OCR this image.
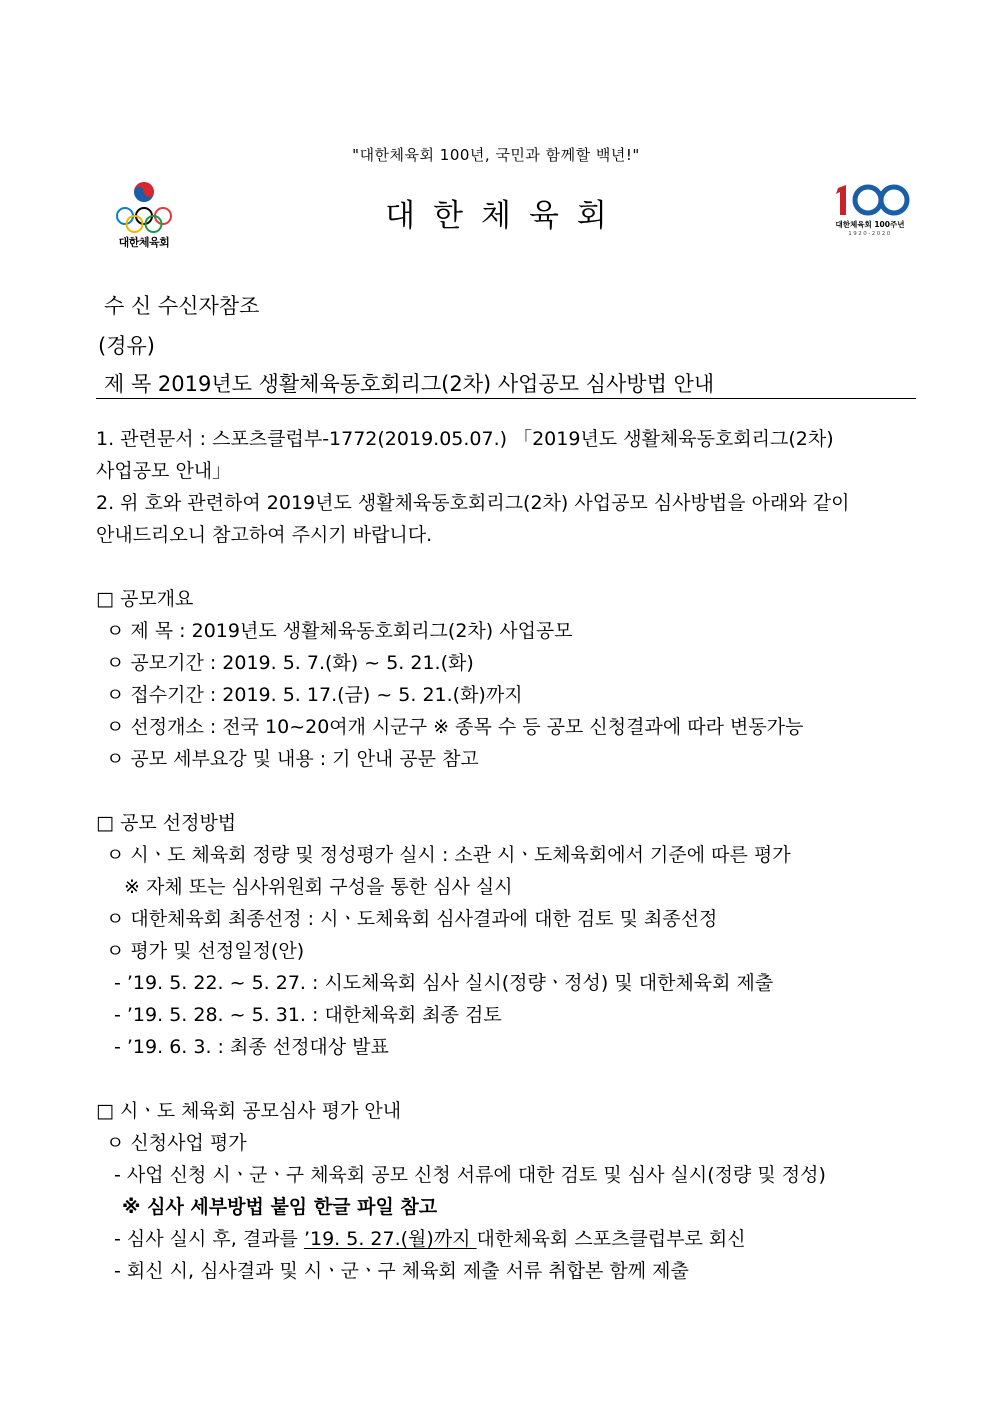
"대한체육회 100년, 국민과 함께할 백년!"
대한체육회
대한체육회	대한체육회 100주년
1920-2020
수 신 수신자참조
(경유)
제 목 2019년도 생활체육동호회리그(2차) 사업공모 심사방법 안내
1. 관련문서 : 스포츠클럽부-1772(2019.05.07.) 「2019년도 생활체육동호회리그(2차)
사업공모 안내」
2. 위 호와 관련하여 2019년도 생활체육동호회리그(2차) 사업공모 심사방법을 아래와 같이
안내드리오니 참고하여 주시기 바랍니다.
□ 공모개요
ㅇ 제 목 : 2019년도 생활체육동호회리그(2차) 사업공모
ㅇ 공모기간 : 2019. 5. 7.(화) ~ 5. 21.(화)
ㅇ 접수기간 : 2019. 5. 17.(금) ~ 5. 21.(화)까지
ㅇ 선정개소 : 전국 10~20여개 시군구 ※ 종목 수 등 공모 신청결과에 따라 변동가능
ㅇ 공모 세부요강 및 내용 : 기 안내 공문 참고
□ 공모 선정방법
ㅇ 시ㆍ도 체육회 정량 및 정성평가 실시 : 소관 시ㆍ도체육회에서 기준에 따른 평가
※ 자체 또는 심사위원회 구성을 통한 심사 실시
ㅇ 대한체육회 최종선정 : 시ㆍ도체육회 심사결과에 대한 검토 및 최종선정
ㅇ 평가 및 선정일정(안)
- ’19. 5. 22. ~ 5. 27. : 시도체육회 심사 실시(정량ㆍ정성) 및 대한체육회 제출
- ’19. 5. 28. ~ 5. 31. : 대한체육회 최종 검토
- ’19. 6. 3. : 최종 선정대상 발표
□ 시ㆍ도 체육회 공모심사 평가 안내
ㅇ 신청사업 평가
- 사업 신청 시ㆍ군ㆍ구 체육회 공모 신청 서류에 대한 검토 및 심사 실시(정량 및 정성)
※ 심사 세부방법 붙임 한글 파일 참고
- 심사 실시 후, 결과를 ’19. 5. 27.(월)까지 대한체육회 스포츠클럽부로 회신
- 회신 시, 심사결과 및 시ㆍ군ㆍ구 체육회 제출 서류 취합본 함께 제출
